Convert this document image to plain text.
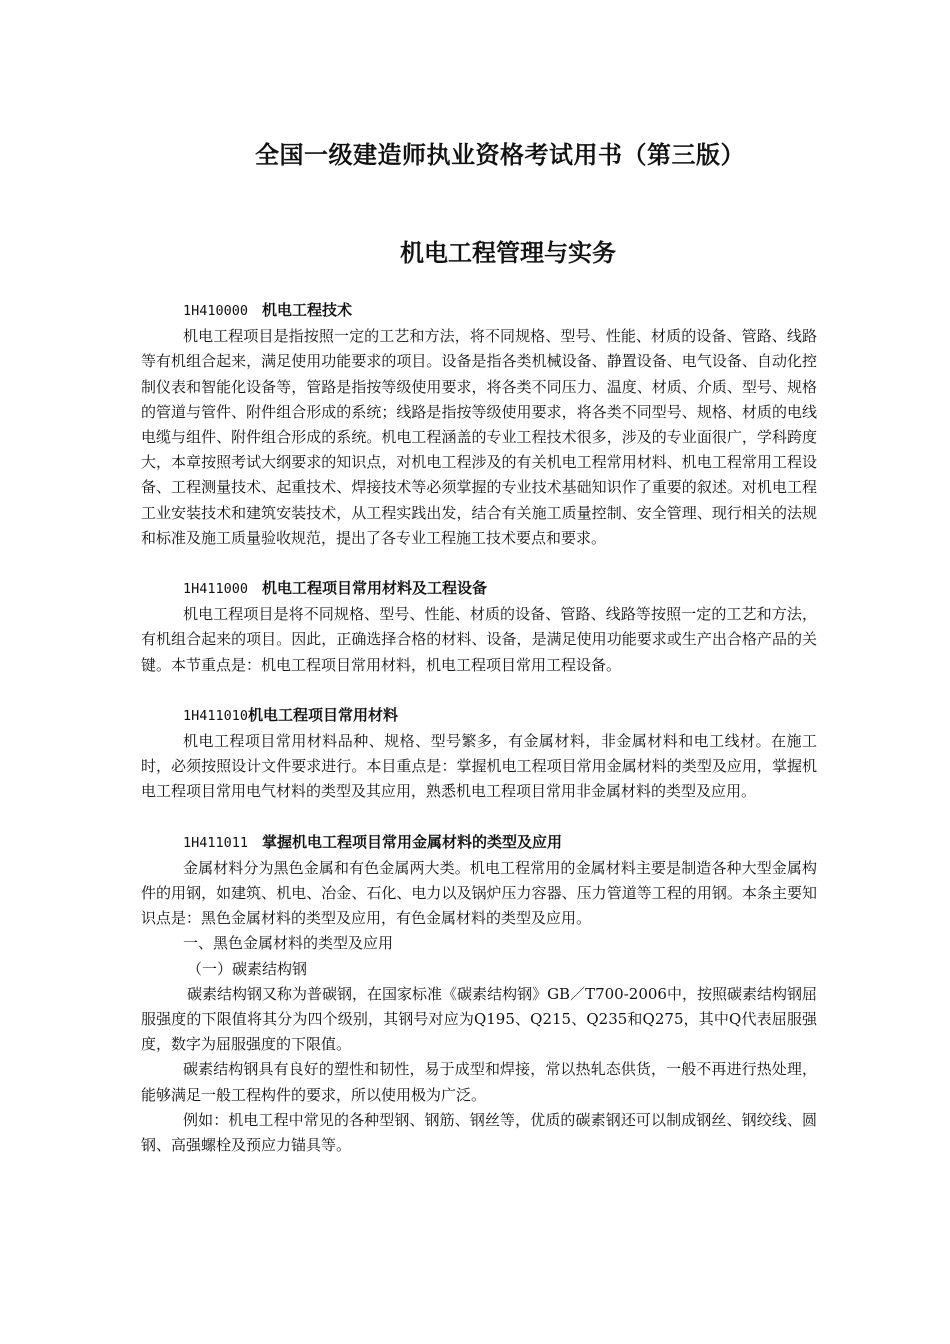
全国一级建造师执业资格考试用书（第三版）
机电工程管理与实务

1H410000 机电工程技术

机电工程项目是指按照一定的工艺和方法，将不同规格、型号、性能、材质的设备、管路、线路等有机组合起来，满足使用功能要求的项目。设备是指各类机械设备、静置设备、电气设备、自动化控制仪表和智能化设备等，管路是指按等级使用要求，将各类不同压力、温度、材质、介质、型号、规格的管道与管件、附件组合形成的系统；线路是指按等级使用要求，将各类不同型号、规格、材质的电线电缆与组件、附件组合形成的系统。机电工程涵盖的专业工程技术很多，涉及的专业面很广，学科跨度大，本章按照考试大纲要求的知识点，对机电工程涉及的有关机电工程常用材料、机电工程常用工程设备、工程测量技术、起重技术、焊接技术等必须掌握的专业技术基础知识作了重要的叙述。对机电工程工业安装技术和建筑安装技术，从工程实践出发，结合有关施工质量控制、安全管理、现行相关的法规和标准及施工质量验收规范，提出了各专业工程施工技术要点和要求。

1H411000 机电工程项目常用材料及工程设备

机电工程项目是将不同规格、型号、性能、材质的设备、管路、线路等按照一定的工艺和方法，有机组合起来的项目。因此，正确选择合格的材料、设备，是满足使用功能要求或生产出合格产品的关键。本节重点是：机电工程项目常用材料，机电工程项目常用工程设备。

1H411010机电工程项目常用材料

机电工程项目常用材料品种、规格、型号繁多，有金属材料，非金属材料和电工线材。在施工时，必须按照设计文件要求进行。本目重点是：掌握机电工程项目常用金属材料的类型及应用，掌握机电工程项目常用电气材料的类型及其应用，熟悉机电工程项目常用非金属材料的类型及应用。

1H411011 掌握机电工程项目常用金属材料的类型及应用

金属材料分为黑色金属和有色金属两大类。机电工程常用的金属材料主要是制造各种大型金属构件的用钢，如建筑、机电、冶金、石化、电力以及锅炉压力容器、压力管道等工程的用钢。本条主要知识点是：黑色金属材料的类型及应用，有色金属材料的类型及应用。

一、黑色金属材料的类型及应用

（一）碳素结构钢

碳素结构钢又称为普碳钢，在国家标准《碳素结构钢》GB／T700-2006中，按照碳素结构钢屈服强度的下限值将其分为四个级别，其钢号对应为Q195、Q215、Q235和Q275，其中Q代表屈服强度，数字为屈服强度的下限值。

碳素结构钢具有良好的塑性和韧性，易于成型和焊接，常以热轧态供货，一般不再进行热处理，能够满足一般工程构件的要求，所以使用极为广泛。

例如：机电工程中常见的各种型钢、钢筋、钢丝等，优质的碳素钢还可以制成钢丝、钢绞线、圆钢、高强螺栓及预应力锚具等。
